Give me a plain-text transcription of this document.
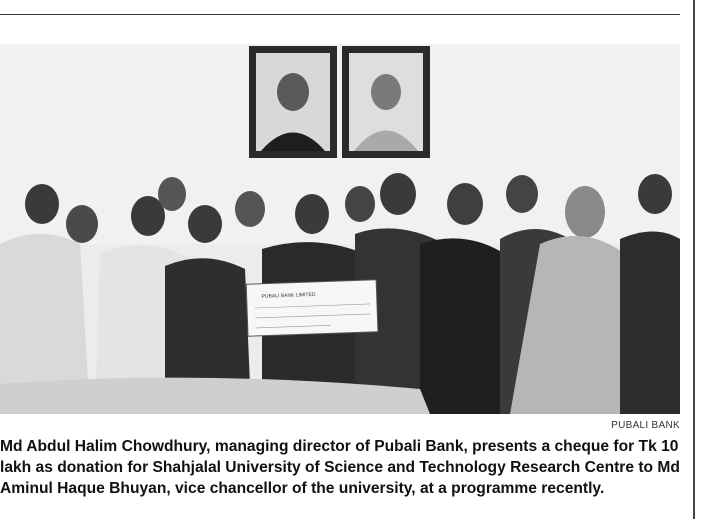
PUBALI BANK LIMITED
PUBALI BANK
Md Abdul Halim Chowdhury, managing director of Pubali Bank, presents a cheque for Tk 10 lakh as donation for Shahjalal University of Science and Technology Research Centre to Md Aminul Haque Bhuyan, vice chancellor of the university, at a programme recently.
